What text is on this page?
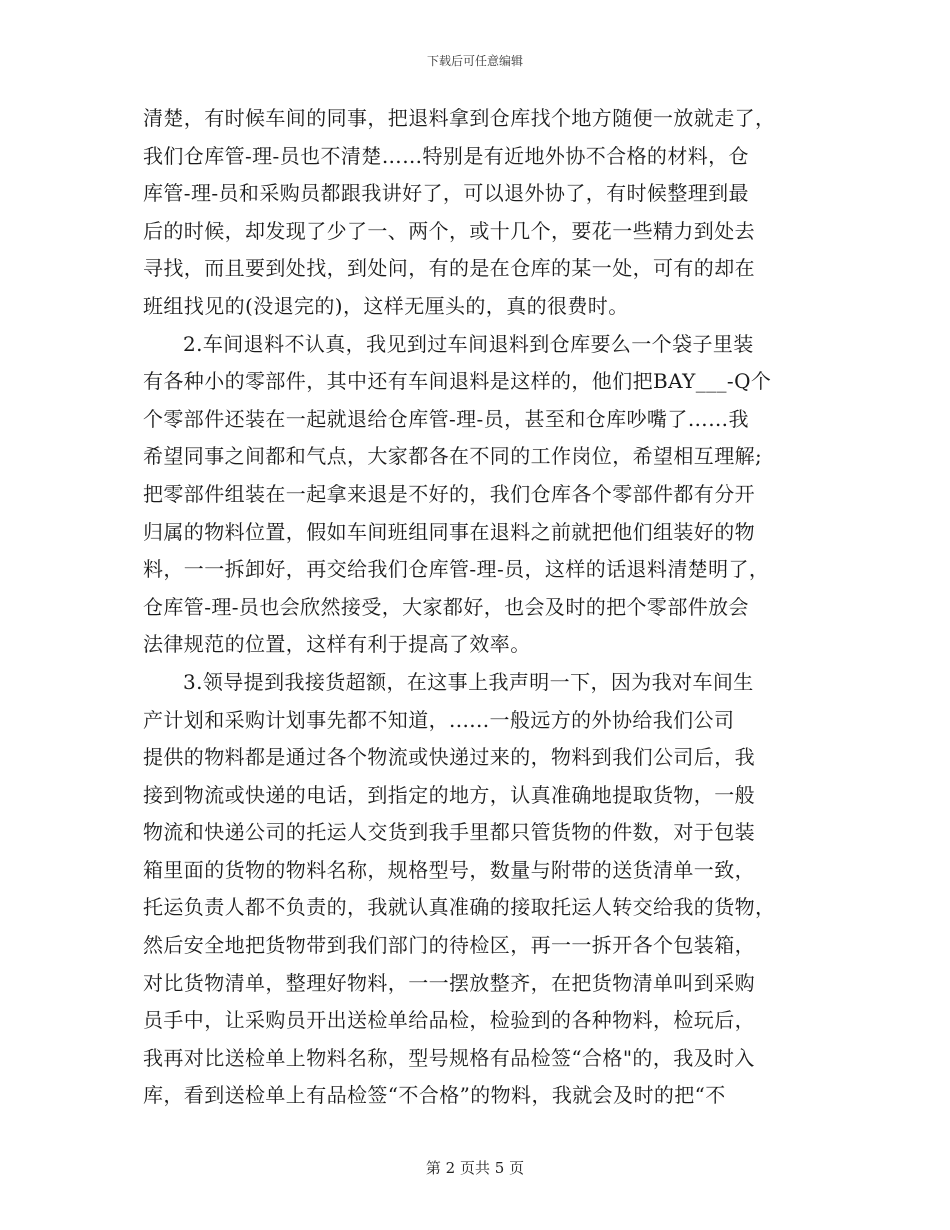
下载后可任意编辑

清楚，有时候车间的同事，把退料拿到仓库找个地方随便一放就走了，
我们仓库管-理-员也不清楚……特别是有近地外协不合格的材料，仓
库管-理-员和采购员都跟我讲好了，可以退外协了，有时候整理到最
后的时候，却发现了少了一、两个，或十几个，要花一些精力到处去
寻找，而且要到处找，到处问，有的是在仓库的某一处，可有的却在
班组找见的(没退完的)，这样无厘头的，真的很费时。

2.车间退料不认真，我见到过车间退料到仓库要么一个袋子里装
有各种小的零部件，其中还有车间退料是这样的，他们把BAY___-Q个
个零部件还装在一起就退给仓库管-理-员，甚至和仓库吵嘴了……我
希望同事之间都和气点，大家都各在不同的工作岗位，希望相互理解;
把零部件组装在一起拿来退是不好的，我们仓库各个零部件都有分开
归属的物料位置，假如车间班组同事在退料之前就把他们组装好的物
料，一一拆卸好，再交给我们仓库管-理-员，这样的话退料清楚明了，
仓库管-理-员也会欣然接受，大家都好，也会及时的把个零部件放会
法律规范的位置，这样有利于提高了效率。

3.领导提到我接货超额，在这事上我声明一下，因为我对车间生
产计划和采购计划事先都不知道，......一般远方的外协给我们公司
提供的物料都是通过各个物流或快递过来的，物料到我们公司后，我
接到物流或快递的电话，到指定的地方，认真准确地提取货物，一般
物流和快递公司的托运人交货到我手里都只管货物的件数，对于包装
箱里面的货物的物料名称，规格型号，数量与附带的送货清单一致，
托运负责人都不负责的，我就认真准确的接取托运人转交给我的货物，
然后安全地把货物带到我们部门的待检区，再一一拆开各个包装箱，
对比货物清单，整理好物料，一一摆放整齐，在把货物清单叫到采购
员手中，让采购员开出送检单给品检，检验到的各种物料，检玩后，
我再对比送检单上物料名称，型号规格有品检签“合格"的，我及时入
库，看到送检单上有品检签“不合格”的物料，我就会及时的把“不

第 2 页共 5 页
